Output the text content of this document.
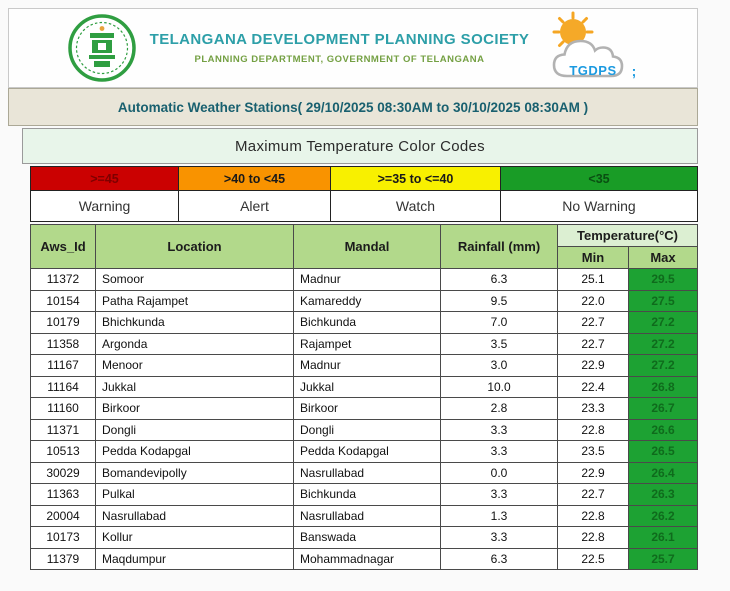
TELANGANA DEVELOPMENT PLANNING SOCIETY
PLANNING DEPARTMENT, GOVERNMENT OF TELANGANA
TGDPS ;
Automatic Weather Stations( 29/10/2025 08:30AM to 30/10/2025 08:30AM )
Maximum Temperature Color Codes
>=45	>40 to <45	>=35 to <=40	<35
Warning	Alert	Watch	No Warning
Aws_Id	Location	Mandal	Rainfall (mm)	Temperature(°C)	
				Min	Max
11372	Somoor	Madnur	6.3	25.1	29.5
10154	Patha Rajampet	Kamareddy	9.5	22.0	27.5
10179	Bhichkunda	Bichkunda	7.0	22.7	27.2
11358	Argonda	Rajampet	3.5	22.7	27.2
11167	Menoor	Madnur	3.0	22.9	27.2
11164	Jukkal	Jukkal	10.0	22.4	26.8
11160	Birkoor	Birkoor	2.8	23.3	26.7
11371	Dongli	Dongli	3.3	22.8	26.6
10513	Pedda Kodapgal	Pedda Kodapgal	3.3	23.5	26.5
30029	Bomandevipolly	Nasrullabad	0.0	22.9	26.4
11363	Pulkal	Bichkunda	3.3	22.7	26.3
20004	Nasrullabad	Nasrullabad	1.3	22.8	26.2
10173	Kollur	Banswada	3.3	22.8	26.1
11379	Maqdumpur	Mohammadnagar	6.3	22.5	25.7
